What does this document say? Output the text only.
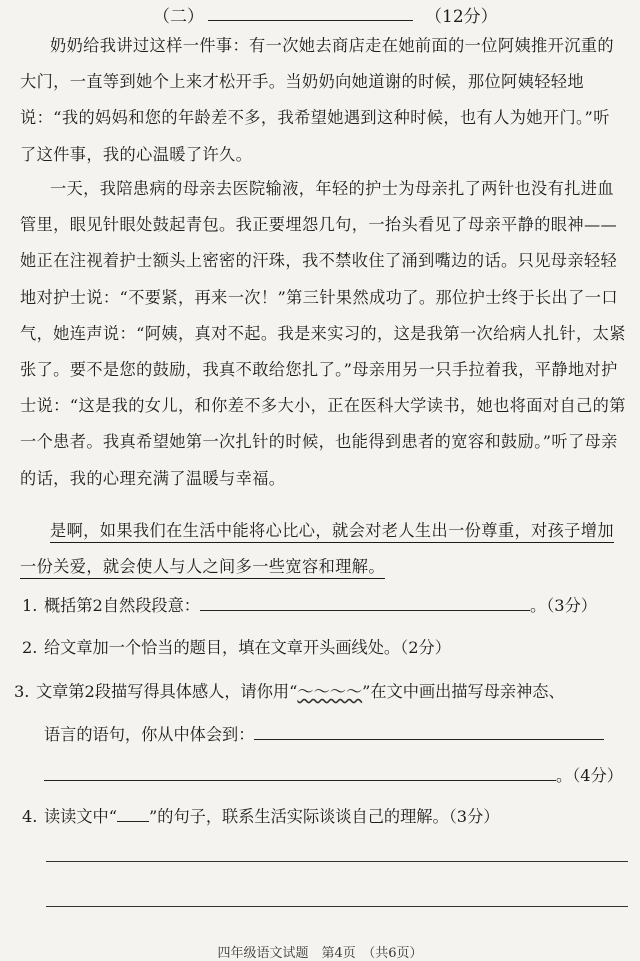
（二）	（12分）

奶奶给我讲过这样一件事：有一次她去商店走在她前面的一位阿姨推开沉重的大门，一直等到她个上来才松开手。当奶奶向她道谢的时候，那位阿姨轻轻地说：“我的妈妈和您的年龄差不多，我希望她遇到这种时候，也有人为她开门。”听了这件事，我的心温暖了许久。

一天，我陪患病的母亲去医院输液，年轻的护士为母亲扎了两针也没有扎进血管里，眼见针眼处鼓起青包。我正要埋怨几句，一抬头看见了母亲平静的眼神——她正在注视着护士额头上密密的汗珠，我不禁收住了涌到嘴边的话。只见母亲轻轻地对护士说：“不要紧，再来一次！”第三针果然成功了。那位护士终于长出了一口气，她连声说：“阿姨，真对不起。我是来实习的，这是我第一次给病人扎针，太紧张了。要不是您的鼓励，我真不敢给您扎了。”母亲用另一只手拉着我，平静地对护士说：“这是我的女儿，和你差不多大小，正在医科大学读书，她也将面对自己的第一个患者。我真希望她第一次扎针的时候，也能得到患者的宽容和鼓励。”听了母亲的话，我的心理充满了温暖与幸福。

是啊，如果我们在生活中能将心比心，就会对老人生出一份尊重，对孩子增加一份关爱，就会使人与人之间多一些宽容和理解。

1. 概括第2自然段段意：	。（3分）
2. 给文章加一个恰当的题目，填在文章开头画线处。（2分）
3. 文章第2段描写得具体感人，请你用“～～～～”在文中画出描写母亲神态、
语言的语句，你从中体会到：
。（4分）
4. 读读文中“ ”的句子，联系生活实际谈谈自己的理解。（3分）
四年级语文试题　第4页　（共6页）
